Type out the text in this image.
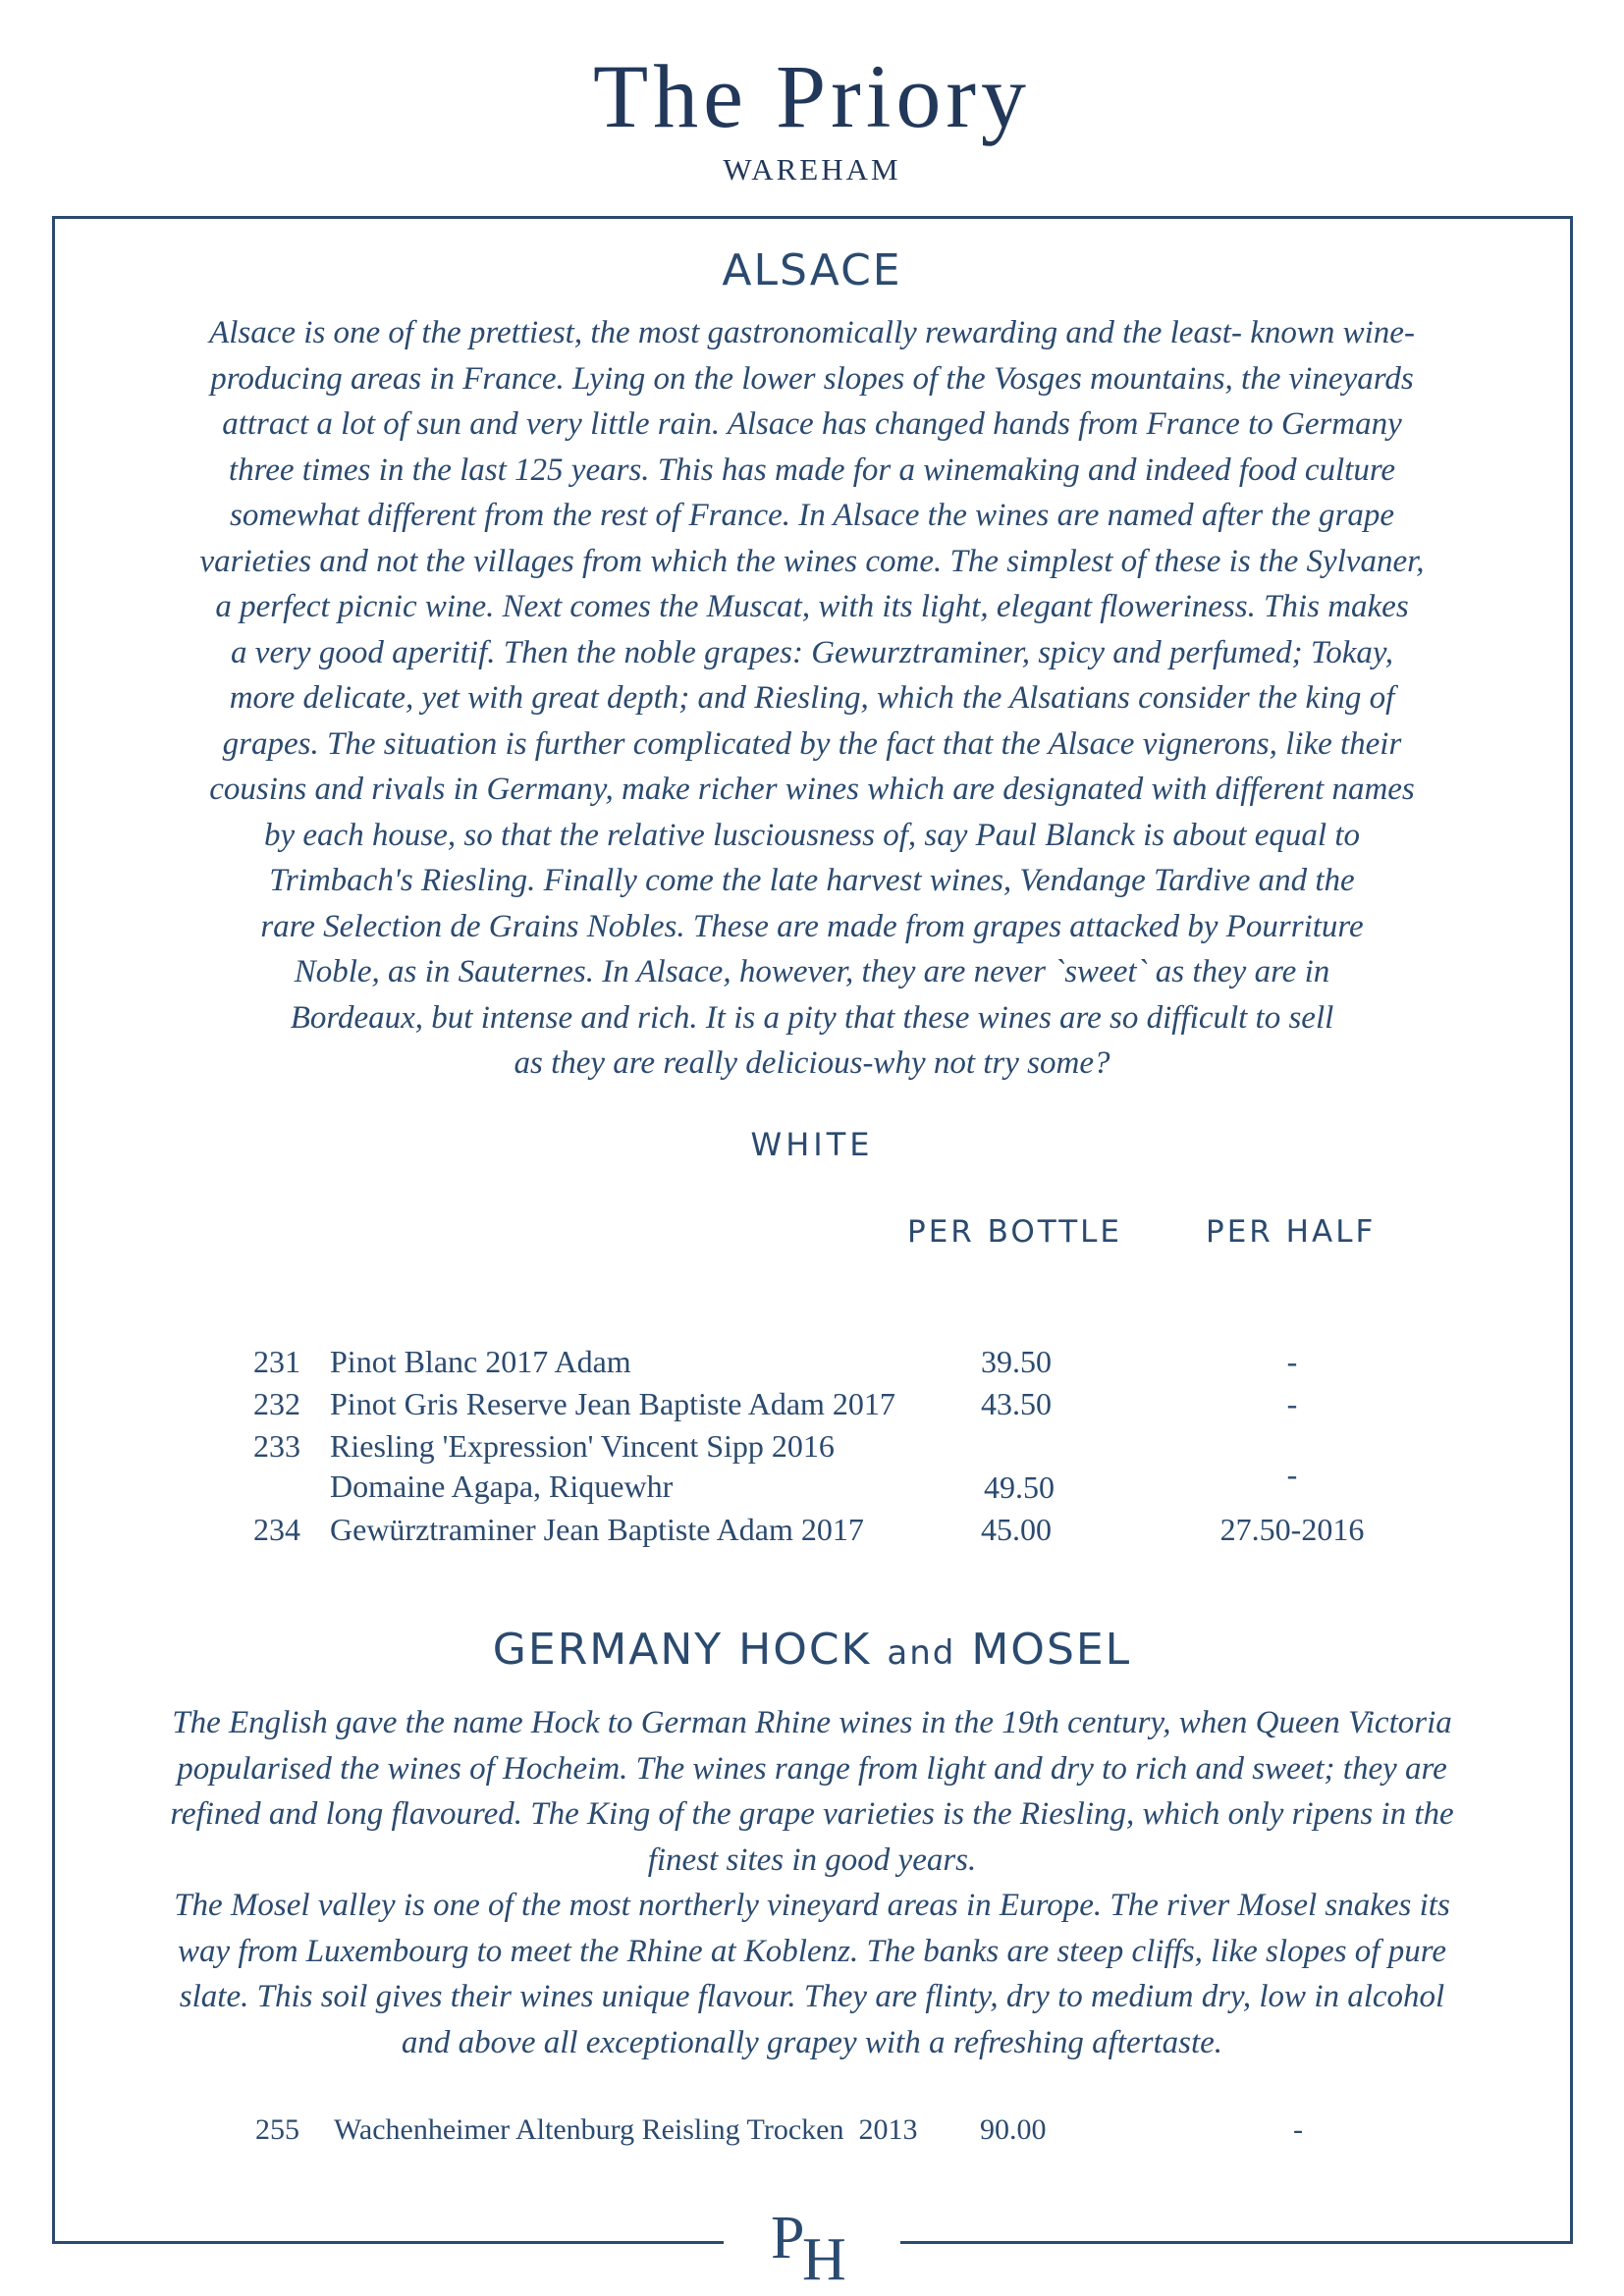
The Priory
WAREHAM
ALSACE
Alsace is one of the prettiest, the most gastronomically rewarding and the least- known wine-
producing areas in France. Lying on the lower slopes of the Vosges mountains, the vineyards
attract a lot of sun and very little rain. Alsace has changed hands from France to Germany
three times in the last 125 years. This has made for a winemaking and indeed food culture
somewhat different from the rest of France. In Alsace the wines are named after the grape
varieties and not the villages from which the wines come. The simplest of these is the Sylvaner,
a perfect picnic wine. Next comes the Muscat, with its light, elegant floweriness. This makes
a very good aperitif. Then the noble grapes: Gewurztraminer, spicy and perfumed; Tokay,
more delicate, yet with great depth; and Riesling, which the Alsatians consider the king of
grapes. The situation is further complicated by the fact that the Alsace vignerons, like their
cousins and rivals in Germany, make richer wines which are designated with different names
by each house, so that the relative lusciousness of, say Paul Blanck is about equal to
Trimbach's Riesling. Finally come the late harvest wines, Vendange Tardive and the
rare Selection de Grains Nobles. These are made from grapes attacked by Pourriture
Noble, as in Sauternes. In Alsace, however, they are never `sweet` as they are in
Bordeaux, but intense and rich. It is a pity that these wines are so difficult to sell
as they are really delicious-why not try some?
WHITE
PER BOTTLE	PER HALF
231 Pinot Blanc 2017 Adam	39.50	-
232 Pinot Gris Reserve Jean Baptiste Adam 2017	43.50	-
233 Riesling 'Expression' Vincent Sipp 2016
Domaine Agapa, Riquewhr	49.50	-
234 Gewürztraminer Jean Baptiste Adam 2017	45.00	27.50-2016
GERMANY HOCK and MOSEL
The English gave the name Hock to German Rhine wines in the 19th century, when Queen Victoria
popularised the wines of Hocheim. The wines range from light and dry to rich and sweet; they are
refined and long flavoured. The King of the grape varieties is the Riesling, which only ripens in the
finest sites in good years.
The Mosel valley is one of the most northerly vineyard areas in Europe. The river Mosel snakes its
way from Luxembourg to meet the Rhine at Koblenz. The banks are steep cliffs, like slopes of pure
slate. This soil gives their wines unique flavour. They are flinty, dry to medium dry, low in alcohol
and above all exceptionally grapey with a refreshing aftertaste.
255 Wachenheimer Altenburg Reisling Trocken  2013 90.00	-
P
H
